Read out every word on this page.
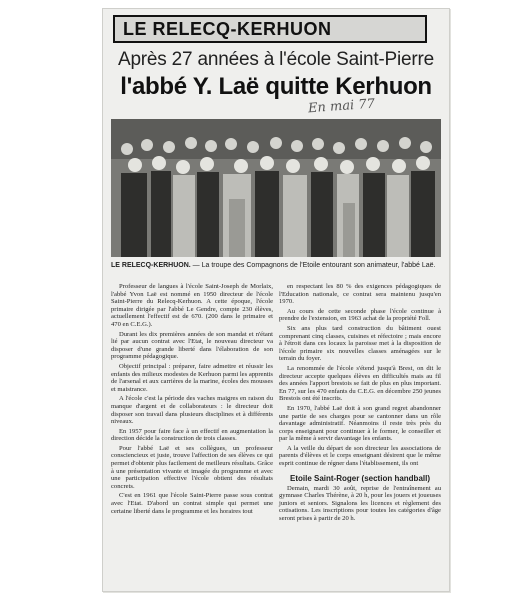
LE RELECQ-KERHUON
Après 27 années à l'école Saint-Pierre
l'abbé Y. Laë quitte Kerhuon
En mai 77
LE RELECQ-KERHUON. — La troupe des Compagnons de l'Etoile entourant son animateur, l'abbé Laë.

Professeur de langues à l'école Saint-Joseph de Morlaix, l'abbé Yvon Laë est nommé en 1950 directeur de l'école Saint-Pierre du Relecq-Kerhuon. A cette époque, l'école primaire dirigée par l'abbé Le Gendre, compte 230 élèves, actuellement l'effectif est de 670. (200 dans le primaire et 470 en C.E.G.).

Durant les dix premières années de son mandat et n'étant lié par aucun contrat avec l'Etat, le nouveau directeur va disposer d'une grande liberté dans l'élaboration de son programme pédagogique.

Objectif principal : préparer, faire admettre et réussir les enfants des milieux modestes de Kerhuon parmi les apprentis de l'arsenal et aux carrières de la marine, écoles des mousses et maistrance.

A l'école c'est la période des vaches maigres en raison du manque d'argent et de collaborateurs : le directeur doit disposer son travail dans plusieurs disciplines et à différents niveaux.

En 1957 pour faire face à un effectif en augmentation la direction décide la construction de trois classes.

Pour l'abbé Laë et ses collègues, un professeur consciencieux et juste, trouve l'affection de ses élèves ce qui permet d'obtenir plus facilement de meilleurs résultats. Grâce à une présentation vivante et imagée du programme et avec une participation effective l'école obtient des résultats concrets.

C'est en 1961 que l'école Saint-Pierre passe sous contrat avec l'Etat. D'abord un contrat simple qui permet une certaine liberté dans le programme et les horaires tout

en respectant les 80 % des exigences pédagogiques de l'Education nationale, ce contrat sera maintenu jusqu'en 1970.

Au cours de cette seconde phase l'école continue à prendre de l'extension, en 1963 achat de la propriété Foll.

Six ans plus tard construction du bâtiment ouest comprenant cinq classes, cuisines et réfectoire ; mais encore à l'étroit dans ces locaux la paroisse met à la disposition de l'école primaire six nouvelles classes aménagées sur le terrain du foyer.

La renommée de l'école s'étend jusqu'à Brest, on dit le directeur accepte quelques élèves en difficultés mais au fil des années l'apport brestois se fait de plus en plus important. En 77, sur les 470 enfants du C.E.G. en décembre 250 jeunes Brestois ont été inscrits.

En 1970, l'abbé Laë doit à son grand regret abandonner une partie de ses charges pour se cantonner dans un rôle davantage administratif. Néanmoins il reste très près du corps enseignant pour continuer à le former, le conseiller et par la même à servir davantage les enfants.

A la veille du départ de son directeur les associations de parents d'élèves et le corps enseignant désirent que le même esprit continue de régner dans l'établissement, ils ont

Etoile Saint-Roger (section handball)

Demain, mardi 30 août, reprise de l'entraînement au gymnase Charles Thérène, à 20 h, pour les jouers et joueuses juniors et seniors. Signalons les licences et règlement des cotisations. Les inscriptions pour toutes les catégories d'âge seront prises à partir de 20 h.
